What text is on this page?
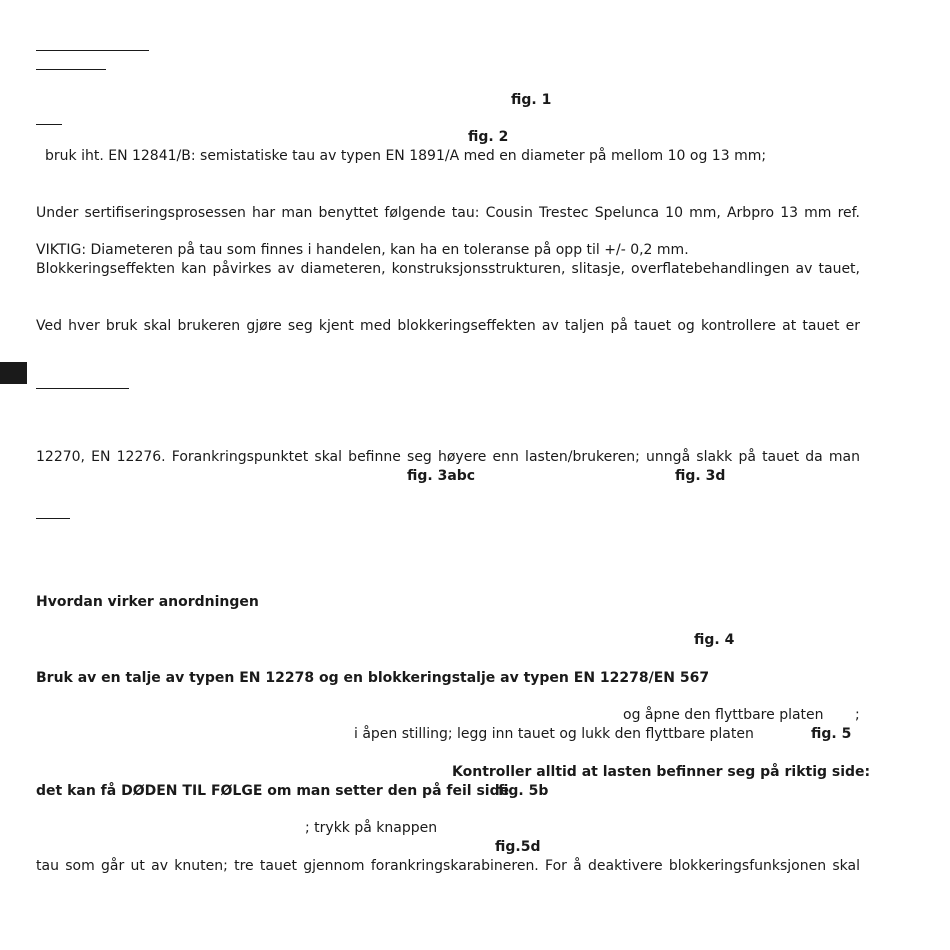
fig. 1
fig. 2
bruk iht. EN 12841/B: semistatiske tau av typen EN 1891/A med en diameter på mellom 10 og 13 mm;
Under sertifiseringsprosessen har man benyttet følgende tau: Cousin Trestec Spelunca 10 mm, Arbpro 13 mm ref.
VIKTIG: Diameteren på tau som finnes i handelen, kan ha en toleranse på opp til +/- 0,2 mm.
Blokkeringseffekten kan påvirkes av diameteren, konstruksjonsstrukturen, slitasje, overflatebehandlingen av tauet,
Ved hver bruk skal brukeren gjøre seg kjent med blokkeringseffekten av taljen på tauet og kontrollere at tauet er
12270, EN 12276. Forankringspunktet skal befinne seg høyere enn lasten/brukeren; unngå slakk på tauet da man
fig. 3abc	fig. 3d
Hvordan virker anordningen
fig. 4
Bruk av en talje av typen EN 12278 og en blokkeringstalje av typen EN 12278/EN 567
og åpne den flyttbare platen ;
i åpen stilling; legg inn tauet og lukk den flyttbare platen	fig. 5
Kontroller alltid at lasten befinner seg på riktig side:
det kan få DØDEN TIL FØLGE om man setter den på feil side
fig. 5b
; trykk på knappen
fig.5d
tau som går ut av knuten; tre tauet gjennom forankringskarabineren. For å deaktivere blokkeringsfunksjonen skal
